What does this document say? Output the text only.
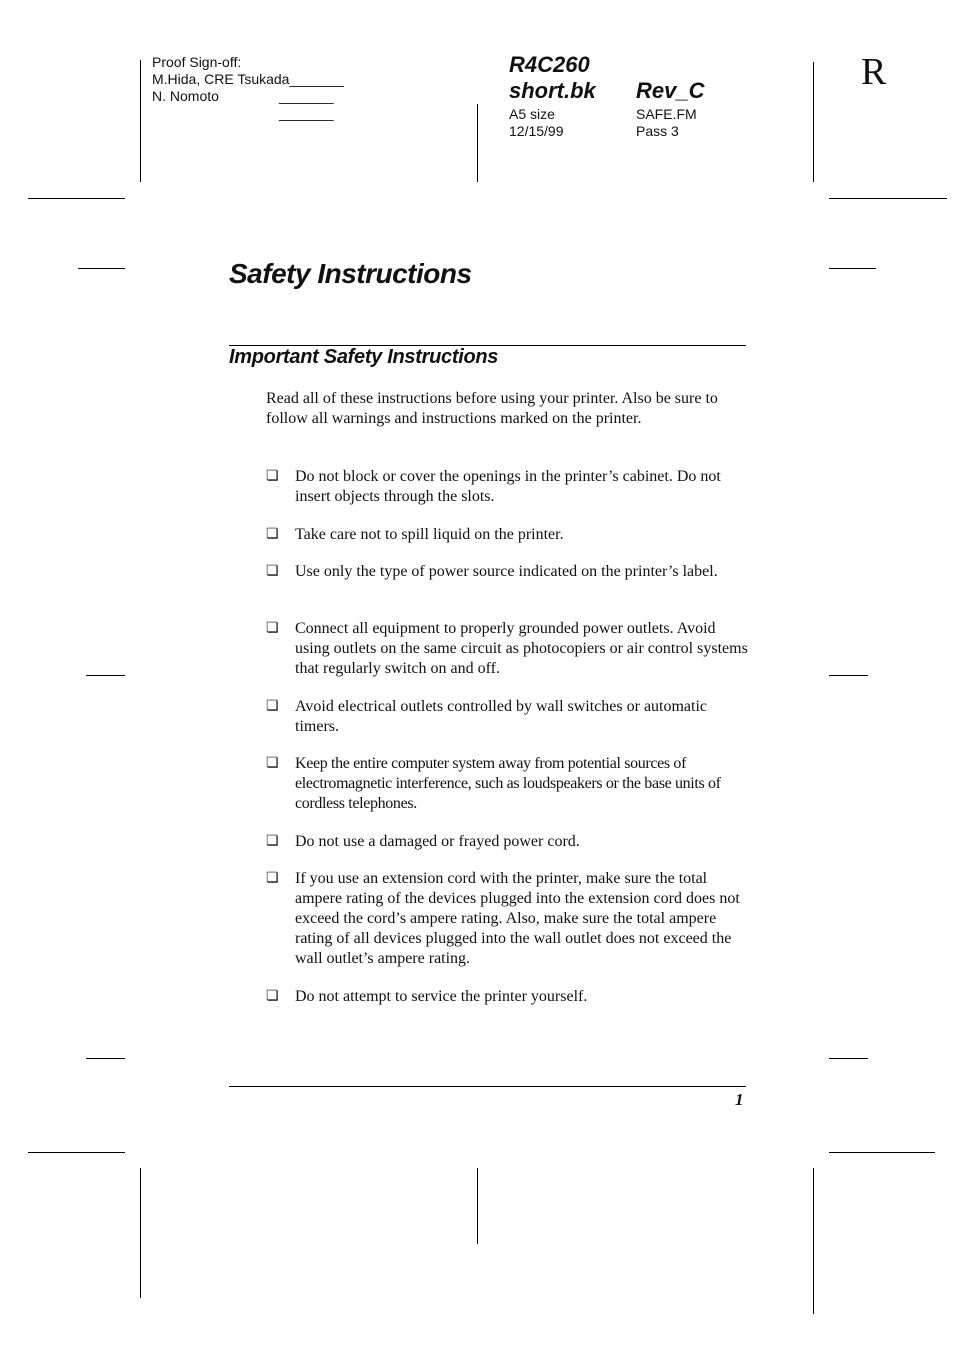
Proof Sign-off:
M.Hida, CRE Tsukada_______
N. Nomoto	_______
_______
R4C260
short.bk Rev_C
A5 size
12/15/99
SAFE.FM
Pass 3
R
Safety Instructions
Important Safety Instructions
Read all of these instructions before using your printer. Also be sure to follow all warnings and instructions marked on the printer.
❏	Do not block or cover the openings in the printer’s cabinet. Do not insert objects through the slots.
❏	Take care not to spill liquid on the printer.
❏	Use only the type of power source indicated on the printer’s label.
❏	Connect all equipment to properly grounded power outlets. Avoid using outlets on the same circuit as photocopiers or air control systems that regularly switch on and off.
❏	Avoid electrical outlets controlled by wall switches or automatic timers.
❏	Keep the entire computer system away from potential sources of electromagnetic interference, such as loudspeakers or the base units of cordless telephones.
❏	Do not use a damaged or frayed power cord.
❏	If you use an extension cord with the printer, make sure the total ampere rating of the devices plugged into the extension cord does not exceed the cord’s ampere rating. Also, make sure the total ampere rating of all devices plugged into the wall outlet does not exceed the wall outlet’s ampere rating.
❏	Do not attempt to service the printer yourself.
1
